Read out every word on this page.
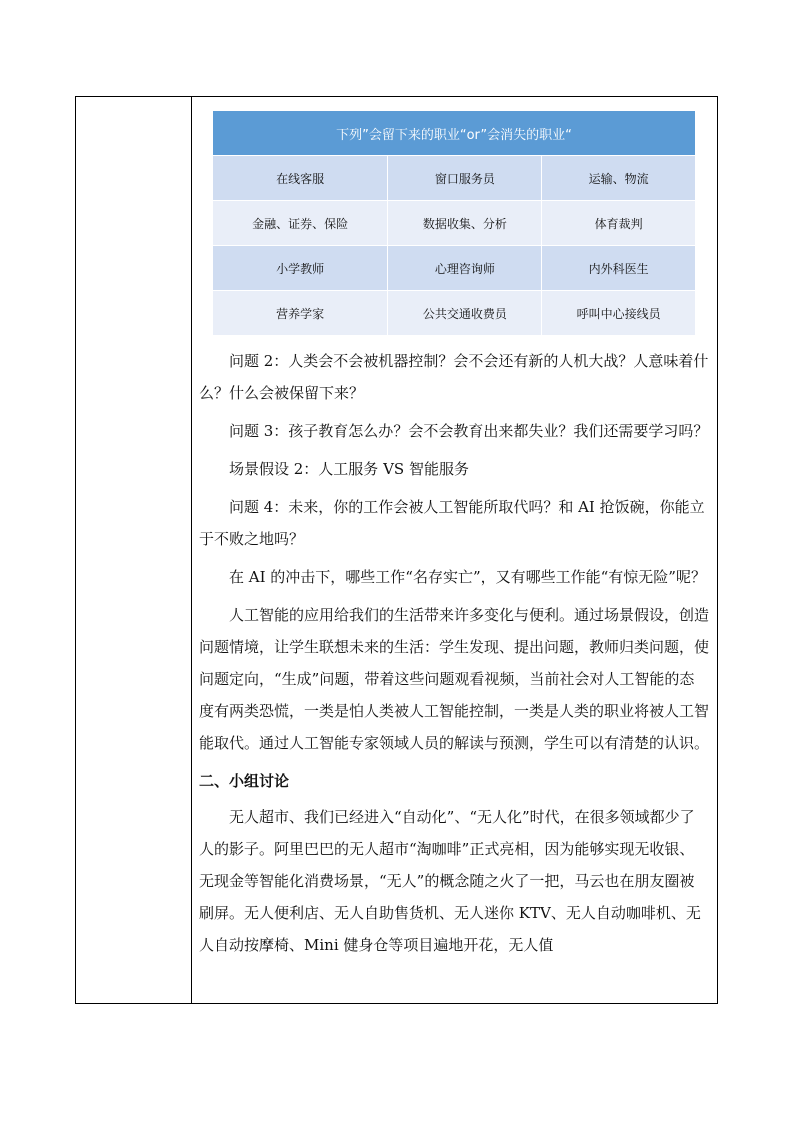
下列”会留下来的职业“or”会消失的职业“		
在线客服	窗口服务员	运输、物流
金融、证券、保险	数据收集、分析	体育裁判
小学教师	心理咨询师	内外科医生
营养学家	公共交通收费员	呼叫中心接线员

问题 2：人类会不会被机器控制？会不会还有新的人机大战？人意味着什么？什么会被保留下来？

问题 3：孩子教育怎么办？会不会教育出来都失业？我们还需要学习吗？

场景假设 2：人工服务 VS 智能服务

问题 4：未来，你的工作会被人工智能所取代吗？和 AI 抢饭碗，你能立于不败之地吗？

在 AI 的冲击下，哪些工作“名存实亡”，又有哪些工作能“有惊无险”呢？

人工智能的应用给我们的生活带来许多变化与便利。通过场景假设，创造问题情境，让学生联想未来的生活：学生发现、提出问题，教师归类问题，使问题定向，“生成”问题，带着这些问题观看视频，当前社会对人工智能的态度有两类恐慌，一类是怕人类被人工智能控制，一类是人类的职业将被人工智能取代。通过人工智能专家领域人员的解读与预测，学生可以有清楚的认识。

二、小组讨论

无人超市、我们已经进入“自动化”、“无人化”时代，在很多领域都少了人的影子。阿里巴巴的无人超市“淘咖啡”正式亮相，因为能够实现无收银、无现金等智能化消费场景，“无人”的概念随之火了一把，马云也在朋友圈被刷屏。无人便利店、无人自助售货机、无人迷你 KTV、无人自动咖啡机、无人自动按摩椅、Mini 健身仓等项目遍地开花，无人值
